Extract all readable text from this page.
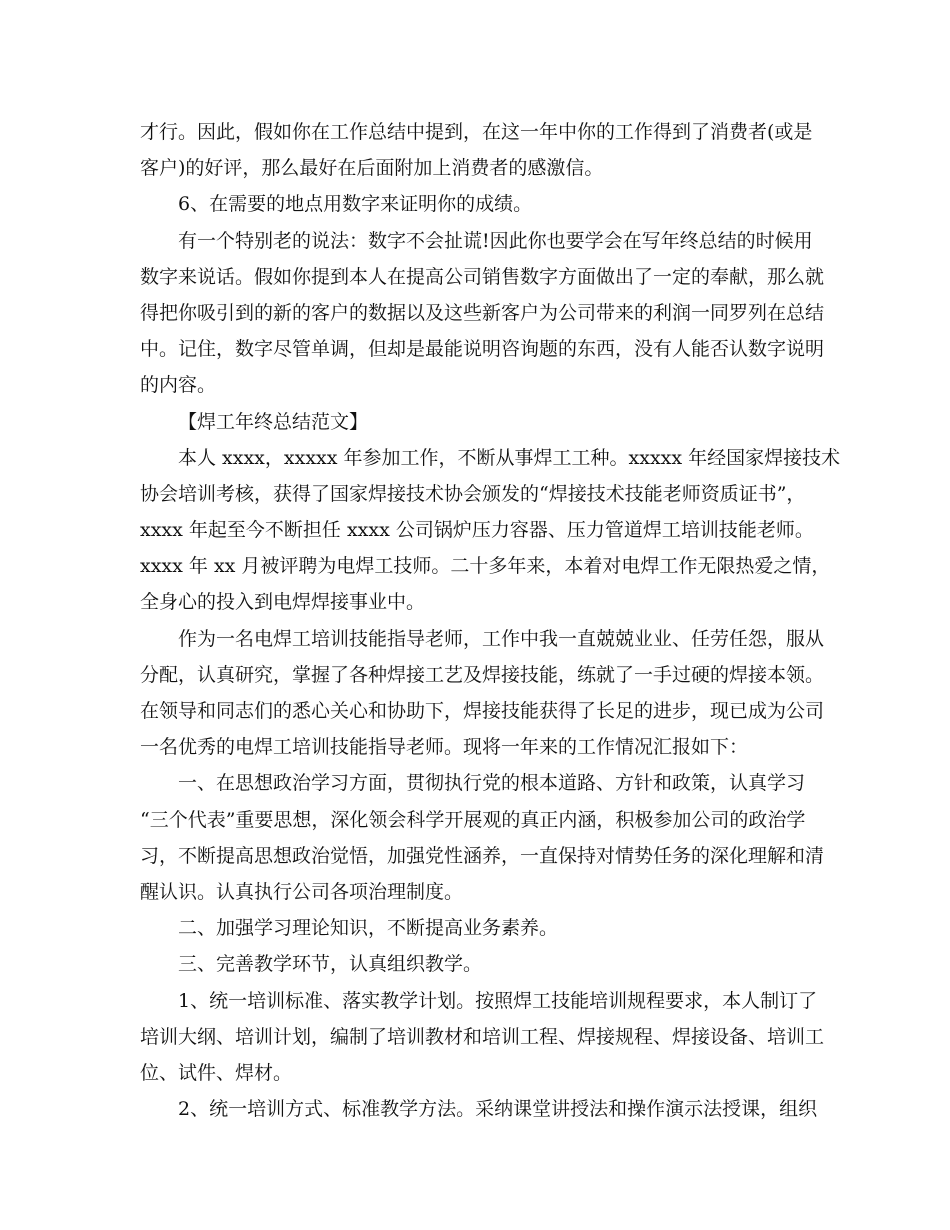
才行。因此，假如你在工作总结中提到，在这一年中你的工作得到了消费者(或是
客户)的好评，那么最好在后面附加上消费者的感激信。
6、在需要的地点用数字来证明你的成绩。
有一个特别老的说法：数字不会扯谎!因此你也要学会在写年终总结的时候用
数字来说话。假如你提到本人在提高公司销售数字方面做出了一定的奉献，那么就
得把你吸引到的新的客户的数据以及这些新客户为公司带来的利润一同罗列在总结
中。记住，数字尽管单调，但却是最能说明咨询题的东西，没有人能否认数字说明
的内容。
【焊工年终总结范文】
本人 xxxx，xxxxx 年参加工作，不断从事焊工工种。xxxxx 年经国家焊接技术
协会培训考核，获得了国家焊接技术协会颁发的“焊接技术技能老师资质证书”，
xxxx 年起至今不断担任 xxxx 公司锅炉压力容器、压力管道焊工培训技能老师。
xxxx 年 xx 月被评聘为电焊工技师。二十多年来，本着对电焊工作无限热爱之情，
全身心的投入到电焊焊接事业中。
作为一名电焊工培训技能指导老师，工作中我一直兢兢业业、任劳任怨，服从
分配，认真研究，掌握了各种焊接工艺及焊接技能，练就了一手过硬的焊接本领。
在领导和同志们的悉心关心和协助下，焊接技能获得了长足的进步，现已成为公司
一名优秀的电焊工培训技能指导老师。现将一年来的工作情况汇报如下：
一、在思想政治学习方面，贯彻执行党的根本道路、方针和政策，认真学习
“三个代表”重要思想，深化领会科学开展观的真正内涵，积极参加公司的政治学
习，不断提高思想政治觉悟，加强党性涵养，一直保持对情势任务的深化理解和清
醒认识。认真执行公司各项治理制度。
二、加强学习理论知识，不断提高业务素养。
三、完善教学环节，认真组织教学。
1、统一培训标准、落实教学计划。按照焊工技能培训规程要求，本人制订了
培训大纲、培训计划，编制了培训教材和培训工程、焊接规程、焊接设备、培训工
位、试件、焊材。
2、统一培训方式、标准教学方法。采纳课堂讲授法和操作演示法授课，组织
